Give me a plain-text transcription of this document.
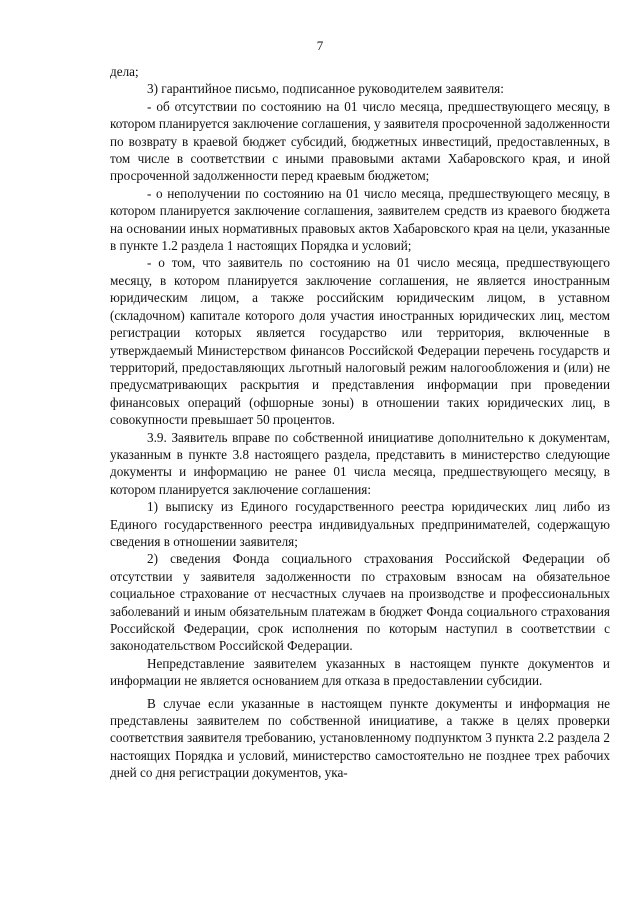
7

дела;

3) гарантийное письмо, подписанное руководителем заявителя:

- об отсутствии по состоянию на 01 число месяца, предшествующего месяцу, в котором планируется заключение соглашения, у заявителя просроченной задолженности по возврату в краевой бюджет субсидий, бюджетных инвестиций, предоставленных, в том числе в соответствии с иными правовыми актами Хабаровского края, и иной просроченной задолженности перед краевым бюджетом;

- о неполучении по состоянию на 01 число месяца, предшествующего месяцу, в котором планируется заключение соглашения, заявителем средств из краевого бюджета на основании иных нормативных правовых актов Хабаровского края на цели, указанные в пункте 1.2 раздела 1 настоящих Порядка и условий;

- о том, что заявитель по состоянию на 01 число месяца, предшествующего месяцу, в котором планируется заключение соглашения, не является иностранным юридическим лицом, а также российским юридическим лицом, в уставном (складочном) капитале которого доля участия иностранных юридических лиц, местом регистрации которых является государство или территория, включенные в утверждаемый Министерством финансов Российской Федерации перечень государств и территорий, предоставляющих льготный налоговый режим налогообложения и (или) не предусматривающих раскрытия и представления информации при проведении финансовых операций (офшорные зоны) в отношении таких юридических лиц, в совокупности превышает 50 процентов.

3.9. Заявитель вправе по собственной инициативе дополнительно к документам, указанным в пункте 3.8 настоящего раздела, представить в министерство следующие документы и информацию не ранее 01 числа месяца, предшествующего месяцу, в котором планируется заключение соглашения:

1) выписку из Единого государственного реестра юридических лиц либо из Единого государственного реестра индивидуальных предпринимателей, содержащую сведения в отношении заявителя;

2) сведения Фонда социального страхования Российской Федерации об отсутствии у заявителя задолженности по страховым взносам на обязательное социальное страхование от несчастных случаев на производстве и профессиональных заболеваний и иным обязательным платежам в бюджет Фонда социального страхования Российской Федерации, срок исполнения по которым наступил в соответствии с законодательством Российской Федерации.

Непредставление заявителем указанных в настоящем пункте документов и информации не является основанием для отказа в предоставлении субсидии.

В случае если указанные в настоящем пункте документы и информация не представлены заявителем по собственной инициативе, а также в целях проверки соответствия заявителя требованию, установленному подпунктом 3 пункта 2.2 раздела 2 настоящих Порядка и условий, министерство самостоятельно не позднее трех рабочих дней со дня регистрации документов, ука-
